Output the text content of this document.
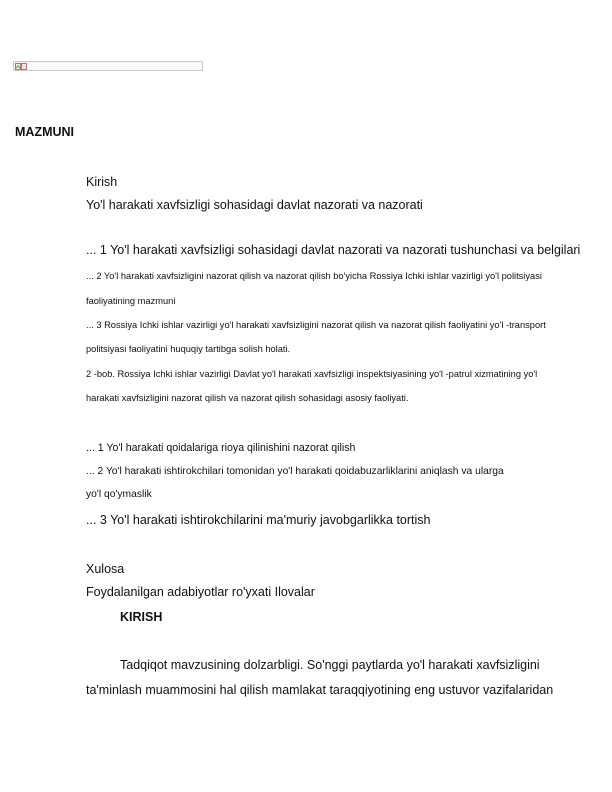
MAZMUNI
Kirish
Yo'l harakati xavfsizligi sohasidagi davlat nazorati va nazorati
... 1 Yo'l harakati xavfsizligi sohasidagi davlat nazorati va nazorati tushunchasi va belgilari
... 2 Yo'l harakati xavfsizligini nazorat qilish va nazorat qilish bo'yicha Rossiya Ichki ishlar vazirligi yo'l politsiyasi
faoliyatining mazmuni
... 3 Rossiya Ichki ishlar vazirligi yo'l harakati xavfsizligini nazorat qilish va nazorat qilish faoliyatini yo'l -transport
politsiyasi faoliyatini huquqiy tartibga solish holati.
2 -bob. Rossiya Ichki ishlar vazirligi Davlat yo'l harakati xavfsizligi inspektsiyasining yo'l -patrul xizmatining yo'l
harakati xavfsizligini nazorat qilish va nazorat qilish sohasidagi asosiy faoliyati.
... 1 Yo'l harakati qoidalariga rioya qilinishini nazorat qilish
... 2 Yo'l harakati ishtirokchilari tomonidan yo'l harakati qoidabuzarliklarini aniqlash va ularga
yo'l qo'ymaslik
... 3 Yo'l harakati ishtirokchilarini ma'muriy javobgarlikka tortish
Xulosa
Foydalanilgan adabiyotlar ro'yxati Ilovalar
KIRISH
Tadqiqot mavzusining dolzarbligi. So'nggi paytlarda yo'l harakati xavfsizligini
ta'minlash muammosini hal qilish mamlakat taraqqiyotining eng ustuvor vazifalaridan
